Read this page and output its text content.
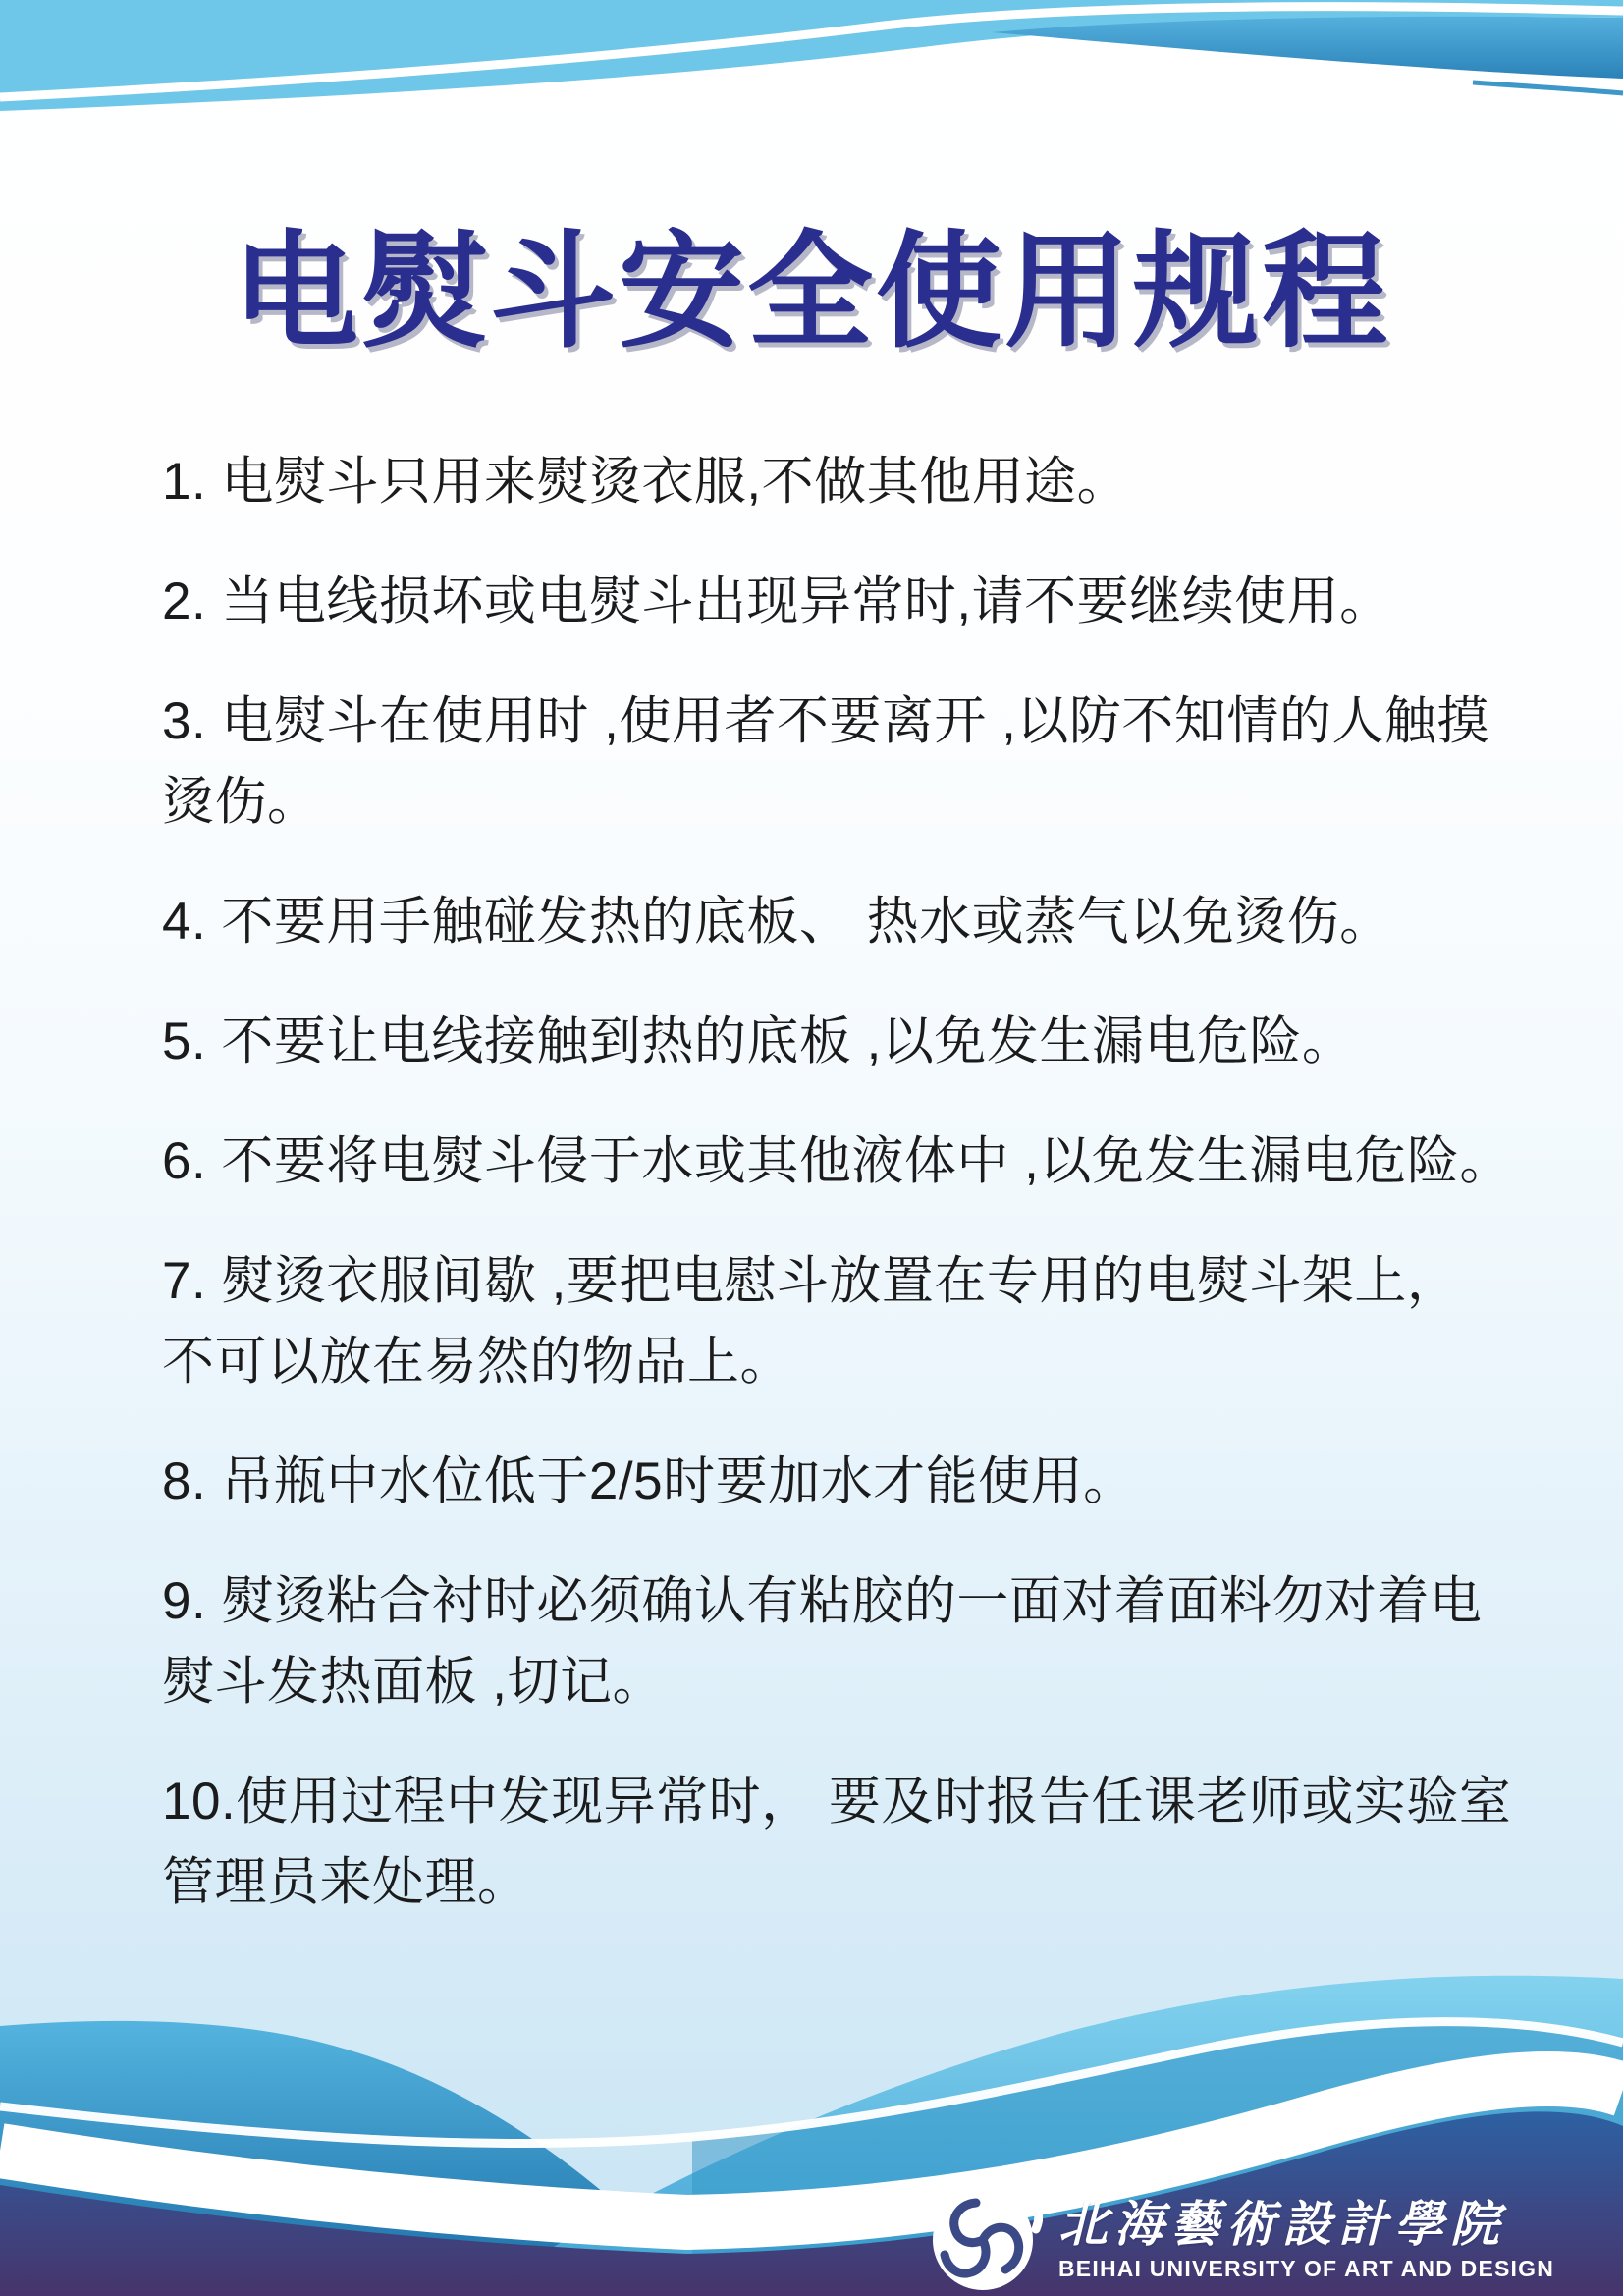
电熨斗安全使用规程
1. 电熨斗只用来熨烫衣服,不做其他用途。
2. 当电线损坏或电熨斗出现异常时,请不要继续使用。
3. 电熨斗在使用时 ,使用者不要离开 ,以防不知情的人触摸烫伤。
4. 不要用手触碰发热的底板、 热水或蒸气以免烫伤。
5. 不要让电线接触到热的底板 ,以免发生漏电危险。
6. 不要将电熨斗侵于水或其他液体中 ,以免发生漏电危险。
7. 熨烫衣服间歇 ,要把电慰斗放置在专用的电熨斗架上， 不可以放在易然的物品上。
8. 吊瓶中水位低于2/5时要加水才能使用。
9. 熨烫粘合衬时必须确认有粘胶的一面对着面料勿对着电熨斗发热面板 ,切记。
10.使用过程中发现异常时， 要及时报告任课老师或实验室管理员来处理。
北海藝術設計學院
BEIHAI UNIVERSITY OF ART AND DESIGN
